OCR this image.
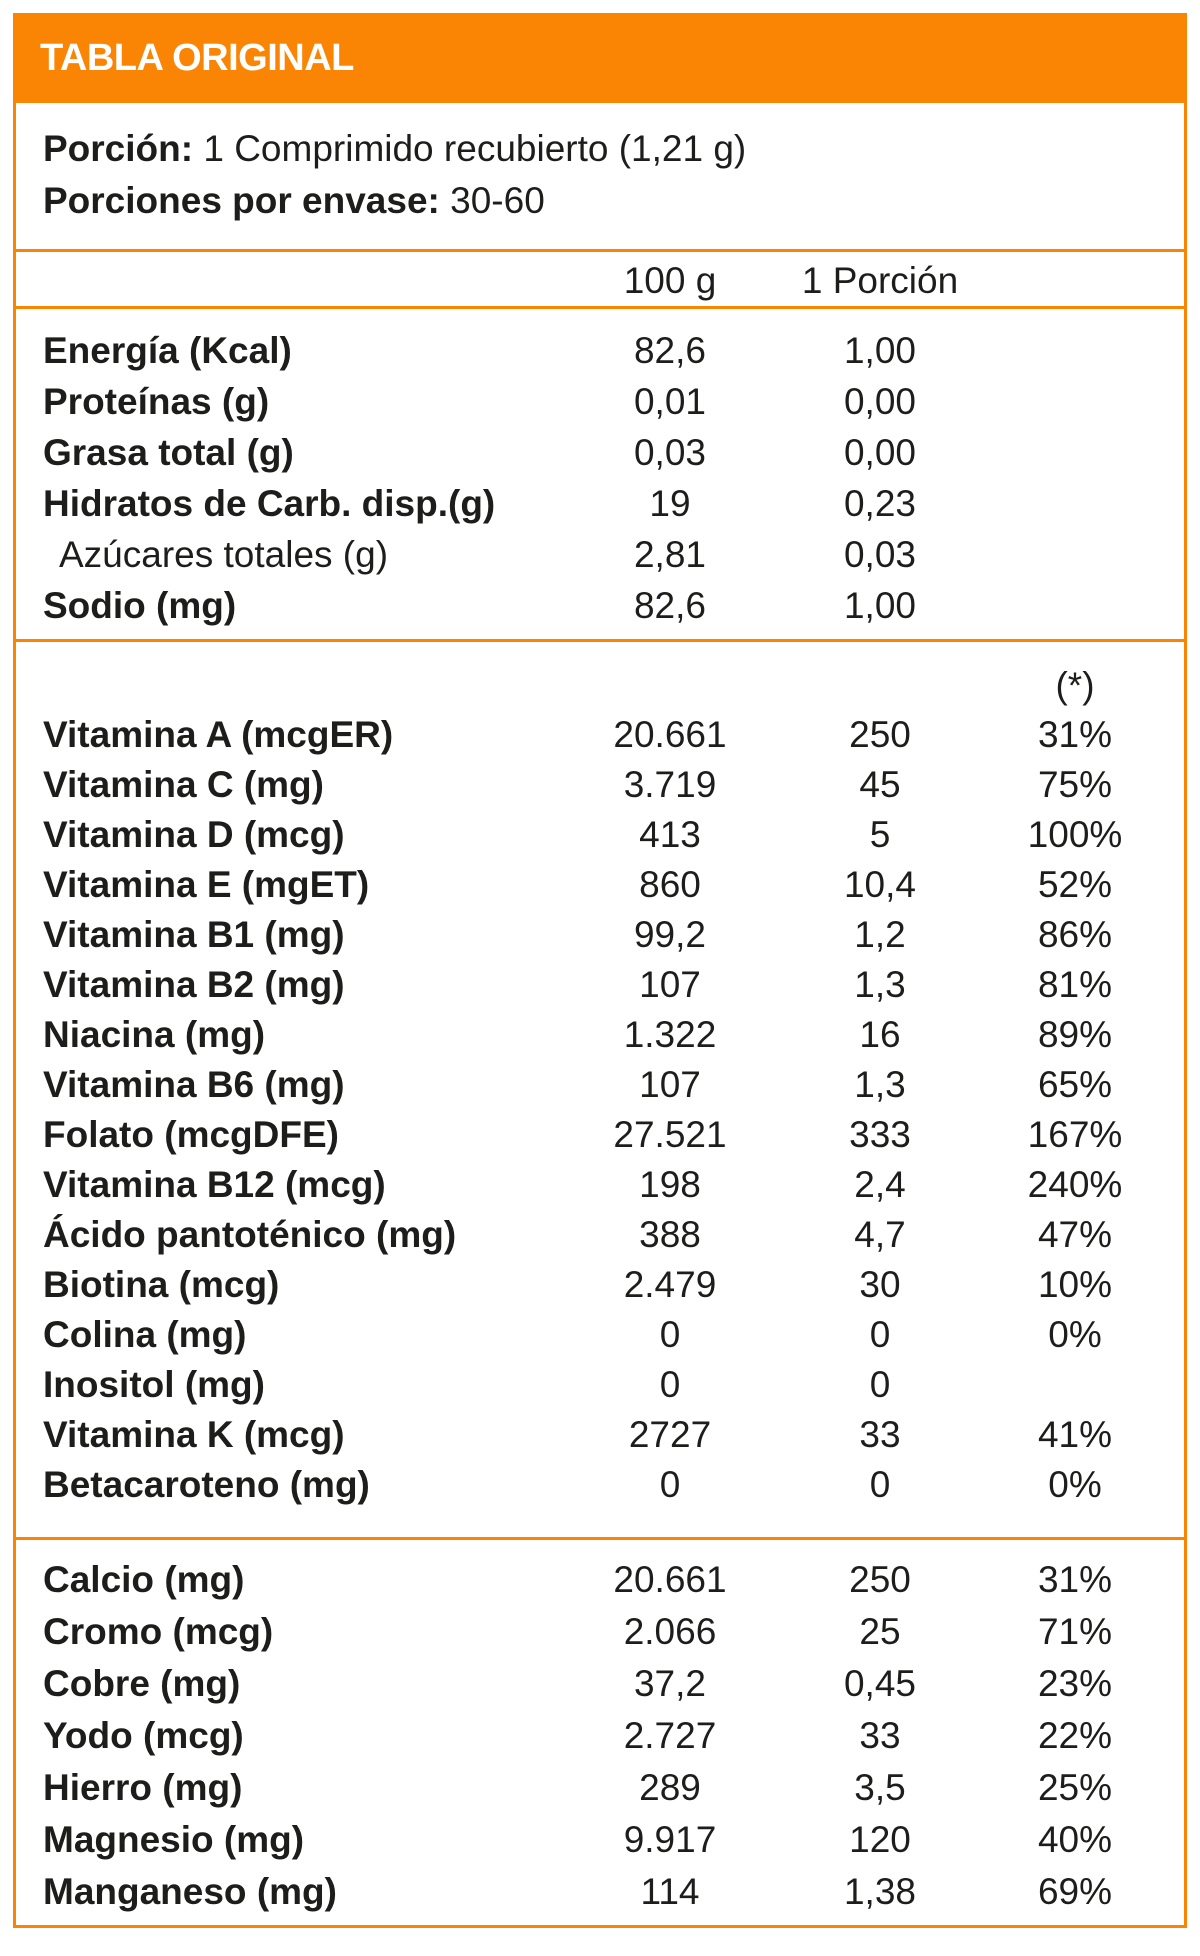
TABLA ORIGINAL
Porción: 1 Comprimido recubierto (1,21 g)
Porciones por envase: 30-60
100 g	1 Porción
Energía (Kcal)	82,6	1,00
Proteínas (g)	0,01	0,00
Grasa total (g)	0,03	0,00
Hidratos de Carb. disp.(g)	19	0,23
Azúcares totales (g)	2,81	0,03
Sodio (mg)	82,6	1,00
(*)
Vitamina A (mcgER)	20.661	250	31%
Vitamina C (mg)	3.719	45	75%
Vitamina D (mcg)	413	5	100%
Vitamina E (mgET)	860	10,4	52%
Vitamina B1 (mg)	99,2	1,2	86%
Vitamina B2 (mg)	107	1,3	81%
Niacina (mg)	1.322	16	89%
Vitamina B6 (mg)	107	1,3	65%
Folato (mcgDFE)	27.521	333	167%
Vitamina B12 (mcg)	198	2,4	240%
Ácido pantoténico (mg)	388	4,7	47%
Biotina (mcg)	2.479	30	10%
Colina (mg)	0	0	0%
Inositol (mg)	0	0
Vitamina K (mcg)	2727	33	41%
Betacaroteno (mg)	0	0	0%
Calcio (mg)	20.661	250	31%
Cromo (mcg)	2.066	25	71%
Cobre (mg)	37,2	0,45	23%
Yodo (mcg)	2.727	33	22%
Hierro (mg)	289	3,5	25%
Magnesio (mg)	9.917	120	40%
Manganeso (mg)	114	1,38	69%
